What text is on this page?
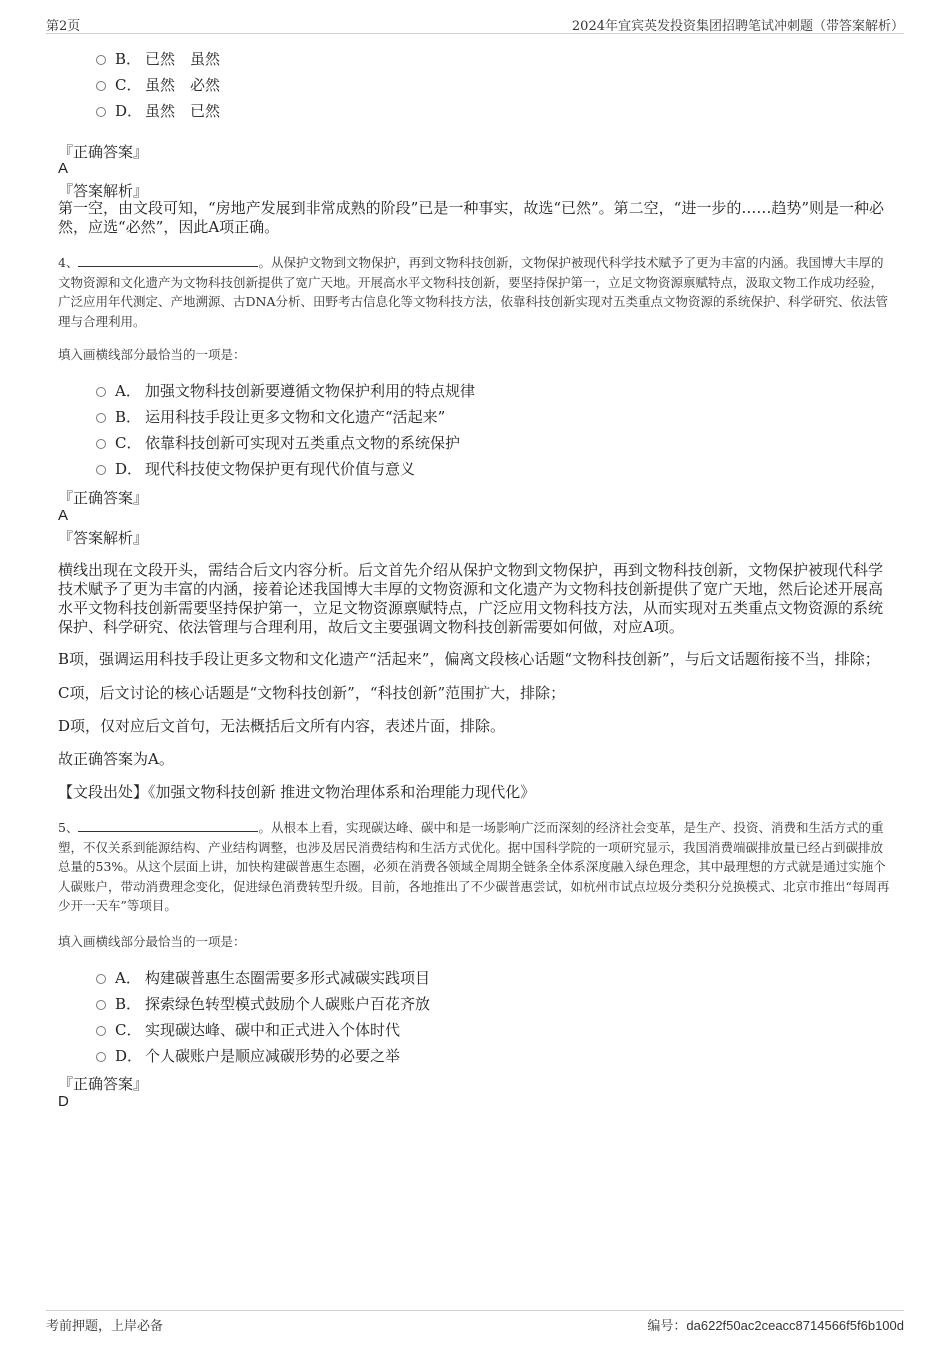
第2页	2024年宜宾英发投资集团招聘笔试冲刺题（带答案解析）
B． 已然　虽然
C． 虽然　必然
D． 虽然　已然
『正确答案』
A
『答案解析』
第一空，由文段可知，“房地产发展到非常成熟的阶段”已是一种事实，故选“已然”。第二空，“进一步的……趋势”则是一种必然，应选“必然”，因此A项正确。
4、	。从保护文物到文物保护，再到文物科技创新，文物保护被现代科学技术赋予了更为丰富的内涵。我国博大丰厚的文物资源和文化遗产为文物科技创新提供了宽广天地。开展高水平文物科技创新，要坚持保护第一，立足文物资源禀赋特点，汲取文物工作成功经验，广泛应用年代测定、产地溯源、古DNA分析、田野考古信息化等文物科技方法，依靠科技创新实现对五类重点文物资源的系统保护、科学研究、依法管理与合理利用。
填入画横线部分最恰当的一项是：
A． 加强文物科技创新要遵循文物保护利用的特点规律
B． 运用科技手段让更多文物和文化遗产“活起来”
C． 依靠科技创新可实现对五类重点文物的系统保护
D． 现代科技使文物保护更有现代价值与意义
『正确答案』
A
『答案解析』
横线出现在文段开头，需结合后文内容分析。后文首先介绍从保护文物到文物保护，再到文物科技创新，文物保护被现代科学技术赋予了更为丰富的内涵，接着论述我国博大丰厚的文物资源和文化遗产为文物科技创新提供了宽广天地，然后论述开展高水平文物科技创新需要坚持保护第一，立足文物资源禀赋特点，广泛应用文物科技方法，从而实现对五类重点文物资源的系统保护、科学研究、依法管理与合理利用，故后文主要强调文物科技创新需要如何做，对应A项。
B项，强调运用科技手段让更多文物和文化遗产“活起来”，偏离文段核心话题“文物科技创新”，与后文话题衔接不当，排除；
C项，后文讨论的核心话题是“文物科技创新”，“科技创新”范围扩大，排除；
D项，仅对应后文首句，无法概括后文所有内容，表述片面，排除。
故正确答案为A。
【文段出处】《加强文物科技创新 推进文物治理体系和治理能力现代化》
5、	。从根本上看，实现碳达峰、碳中和是一场影响广泛而深刻的经济社会变革，是生产、投资、消费和生活方式的重塑，不仅关系到能源结构、产业结构调整，也涉及居民消费结构和生活方式优化。据中国科学院的一项研究显示，我国消费端碳排放量已经占到碳排放总量的53%。从这个层面上讲，加快构建碳普惠生态圈，必须在消费各领域全周期全链条全体系深度融入绿色理念，其中最理想的方式就是通过实施个人碳账户，带动消费理念变化，促进绿色消费转型升级。目前，各地推出了不少碳普惠尝试，如杭州市试点垃圾分类积分兑换模式、北京市推出“每周再少开一天车”等项目。
填入画横线部分最恰当的一项是：
A． 构建碳普惠生态圈需要多形式减碳实践项目
B． 探索绿色转型模式鼓励个人碳账户百花齐放
C． 实现碳达峰、碳中和正式进入个体时代
D． 个人碳账户是顺应减碳形势的必要之举
『正确答案』
D
考前押题，上岸必备	编号：da622f50ac2ceacc8714566f5f6b100d
